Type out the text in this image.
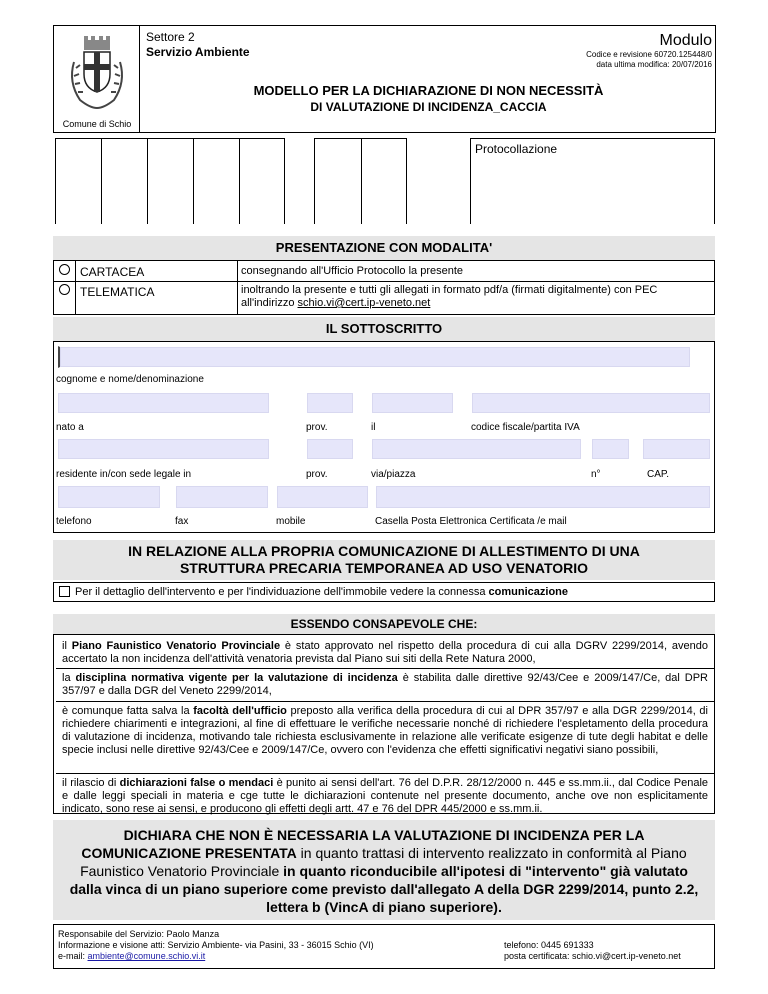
Comune di Schio
Settore 2
Servizio Ambiente
Modulo
Codice e revisione 60720.125448/0
data ultima modifica: 20/07/2016
MODELLO PER LA DICHIARAZIONE DI NON NECESSITÀ
DI VALUTAZIONE DI INCIDENZA_CACCIA
Protocollazione
PRESENTAZIONE CON MODALITA'
CARTACEA	consegnando all'Ufficio Protocollo la presente
TELEMATICA	inoltrando la presente e tutti gli allegati in formato pdf/a (firmati digitalmente) con PEC
all'indirizzo schio.vi@cert.ip-veneto.net
IL SOTTOSCRITTO
cognome e nome/denominazione
nato a	prov.	il	codice fiscale/partita IVA
residente in/con sede legale in	prov.	via/piazza	n°	CAP.
telefono	fax	mobile	Casella Posta Elettronica Certificata /e mail
IN RELAZIONE ALLA PROPRIA COMUNICAZIONE DI ALLESTIMENTO DI UNA
STRUTTURA PRECARIA TEMPORANEA AD USO VENATORIO
Per il dettaglio dell'intervento e per l'individuazione dell'immobile vedere la connessa comunicazione
ESSENDO CONSAPEVOLE CHE:
il Piano Faunistico Venatorio Provinciale è stato approvato nel rispetto della procedura di cui alla DGRV 2299/2014, avendo accertato la non incidenza dell'attività venatoria prevista dal Piano sui siti della Rete Natura 2000,
la disciplina normativa vigente per la valutazione di incidenza è stabilita dalle direttive 92/43/Cee e 2009/147/Ce, dal DPR 357/97 e dalla DGR del Veneto 2299/2014,
è comunque fatta salva la facoltà dell'ufficio preposto alla verifica della procedura di cui al DPR 357/97 e alla DGR 2299/2014, di richiedere chiarimenti e integrazioni, al fine di effettuare le verifiche necessarie nonché di richiedere l'espletamento della procedura di valutazione di incidenza, motivando tale richiesta esclusivamente in relazione alle verificate esigenze di tute degli habitat e delle specie inclusi nelle direttive 92/43/Cee e 2009/147/Ce, ovvero con l'evidenza che effetti significativi negativi siano possibili,
il rilascio di dichiarazioni false o mendaci è punito ai sensi dell'art. 76 del D.P.R. 28/12/2000 n. 445 e ss.mm.ii., dal Codice Penale e dalle leggi speciali in materia e cge tutte le dichiarazioni contenute nel presente documento, anche ove non esplicitamente indicato, sono rese ai sensi, e producono gli effetti degli artt. 47 e 76 del DPR 445/2000 e ss.mm.ii.
DICHIARA CHE NON È NECESSARIA LA VALUTAZIONE DI INCIDENZA PER LA COMUNICAZIONE PRESENTATA in quanto trattasi di intervento realizzato in conformità al Piano Faunistico Venatorio Provinciale in quanto riconducibile all'ipotesi di "intervento" già valutato dalla vinca di un piano superiore come previsto dall'allegato A della DGR 2299/2014, punto 2.2, lettera b (VincA di piano superiore).
Responsabile del Servizio: Paolo Manza
Informazione e visione atti: Servizio Ambiente- via Pasini, 33 - 36015 Schio (VI)
e-mail: ambiente@comune.schio.vi.it
telefono: 0445 691333
posta certificata: schio.vi@cert.ip-veneto.net
